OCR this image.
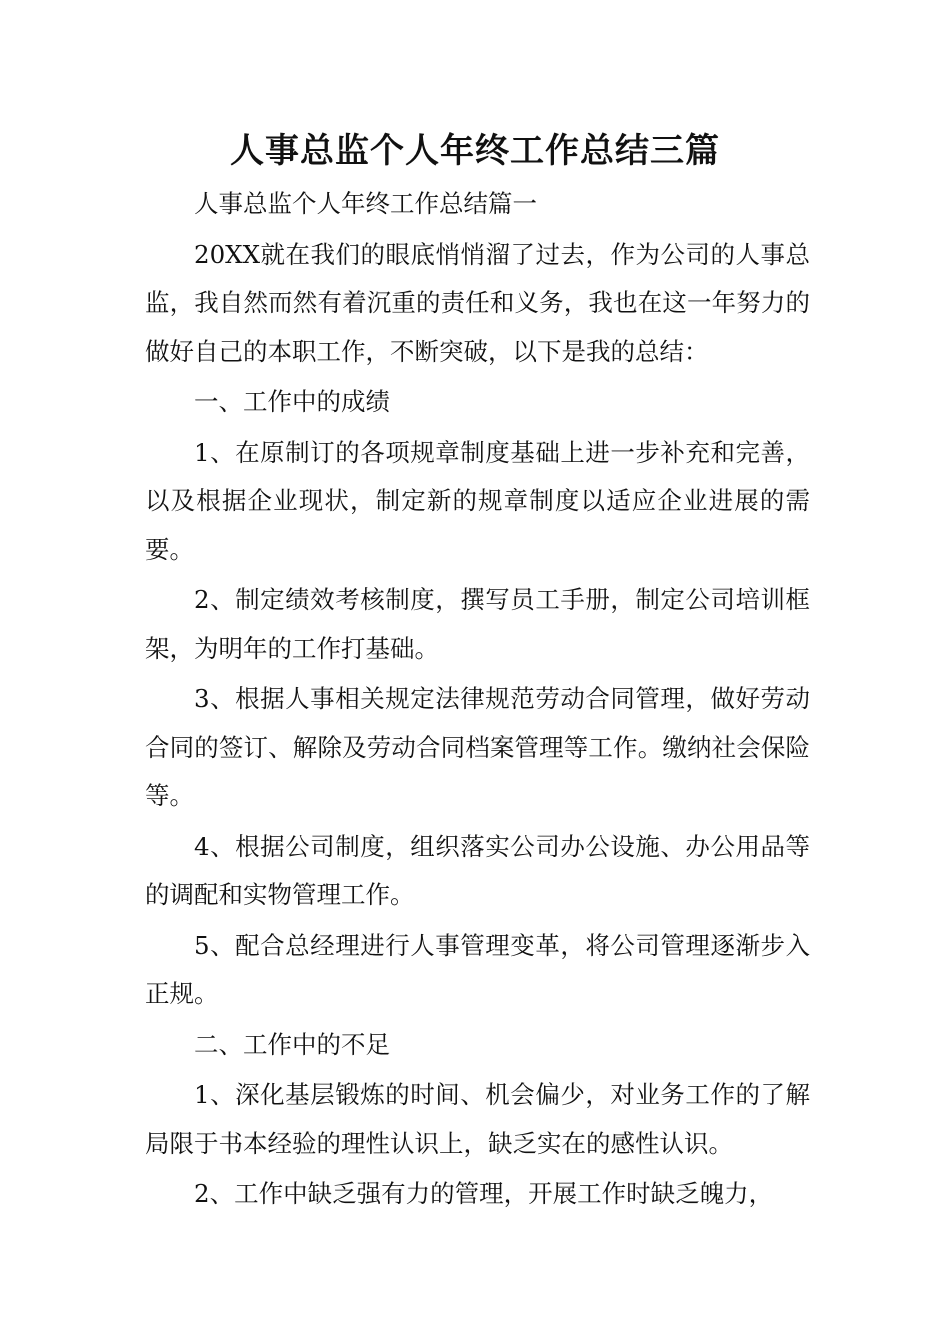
人事总监个人年终工作总结三篇

人事总监个人年终工作总结篇一

20XX就在我们的眼底悄悄溜了过去，作为公司的人事总监，我自然而然有着沉重的责任和义务，我也在这一年努力的做好自己的本职工作，不断突破，以下是我的总结：

一、工作中的成绩

1、在原制订的各项规章制度基础上进一步补充和完善，以及根据企业现状，制定新的规章制度以适应企业进展的需要。

2、制定绩效考核制度，撰写员工手册，制定公司培训框架，为明年的工作打基础。

3、根据人事相关规定法律规范劳动合同管理，做好劳动合同的签订、解除及劳动合同档案管理等工作。缴纳社会保险等。

4、根据公司制度，组织落实公司办公设施、办公用品等的调配和实物管理工作。

5、配合总经理进行人事管理变革，将公司管理逐渐步入正规。

二、工作中的不足

1、深化基层锻炼的时间、机会偏少，对业务工作的了解局限于书本经验的理性认识上，缺乏实在的感性认识。

2、工作中缺乏强有力的管理，开展工作时缺乏魄力，
